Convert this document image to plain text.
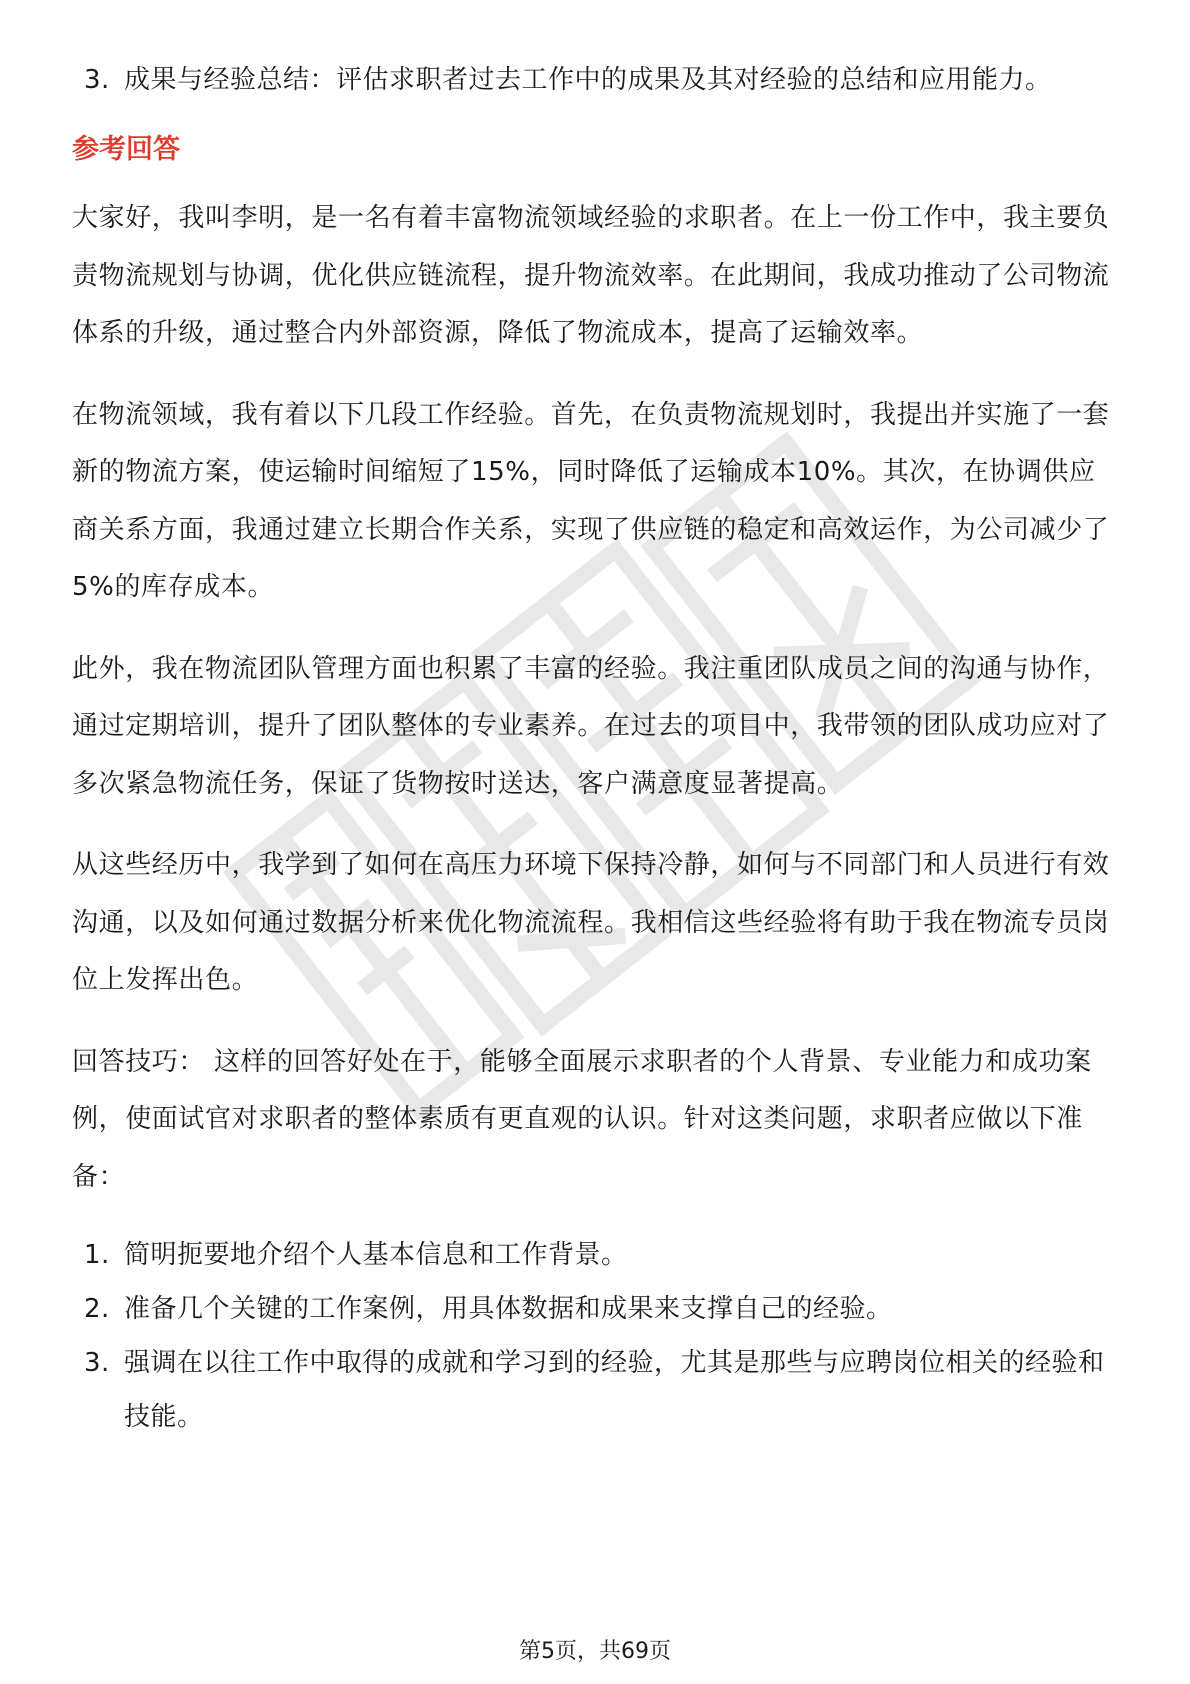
3. 成果与经验总结：评估求职者过去工作中的成果及其对经验的总结和应用能力。
参考回答

大家好，我叫李明，是一名有着丰富物流领域经验的求职者。在上一份工作中，我主要负责物流规划与协调，优化供应链流程，提升物流效率。在此期间，我成功推动了公司物流体系的升级，通过整合内外部资源，降低了物流成本，提高了运输效率。

在物流领域，我有着以下几段工作经验。首先，在负责物流规划时，我提出并实施了一套新的物流方案，使运输时间缩短了15%，同时降低了运输成本10%。其次，在协调供应商关系方面，我通过建立长期合作关系，实现了供应链的稳定和高效运作，为公司减少了5%的库存成本。

此外，我在物流团队管理方面也积累了丰富的经验。我注重团队成员之间的沟通与协作，通过定期培训，提升了团队整体的专业素养。在过去的项目中，我带领的团队成功应对了多次紧急物流任务，保证了货物按时送达，客户满意度显著提高。

从这些经历中，我学到了如何在高压力环境下保持冷静，如何与不同部门和人员进行有效沟通，以及如何通过数据分析来优化物流流程。我相信这些经验将有助于我在物流专员岗位上发挥出色。

回答技巧： 这样的回答好处在于，能够全面展示求职者的个人背景、专业能力和成功案例，使面试官对求职者的整体素质有更直观的认识。针对这类问题，求职者应做以下准备：

1. 简明扼要地介绍个人基本信息和工作背景。
2. 准备几个关键的工作案例，用具体数据和成果来支撑自己的经验。
3. 强调在以往工作中取得的成就和学习到的经验，尤其是那些与应聘岗位相关的经验和技能。
第5页，共69页
